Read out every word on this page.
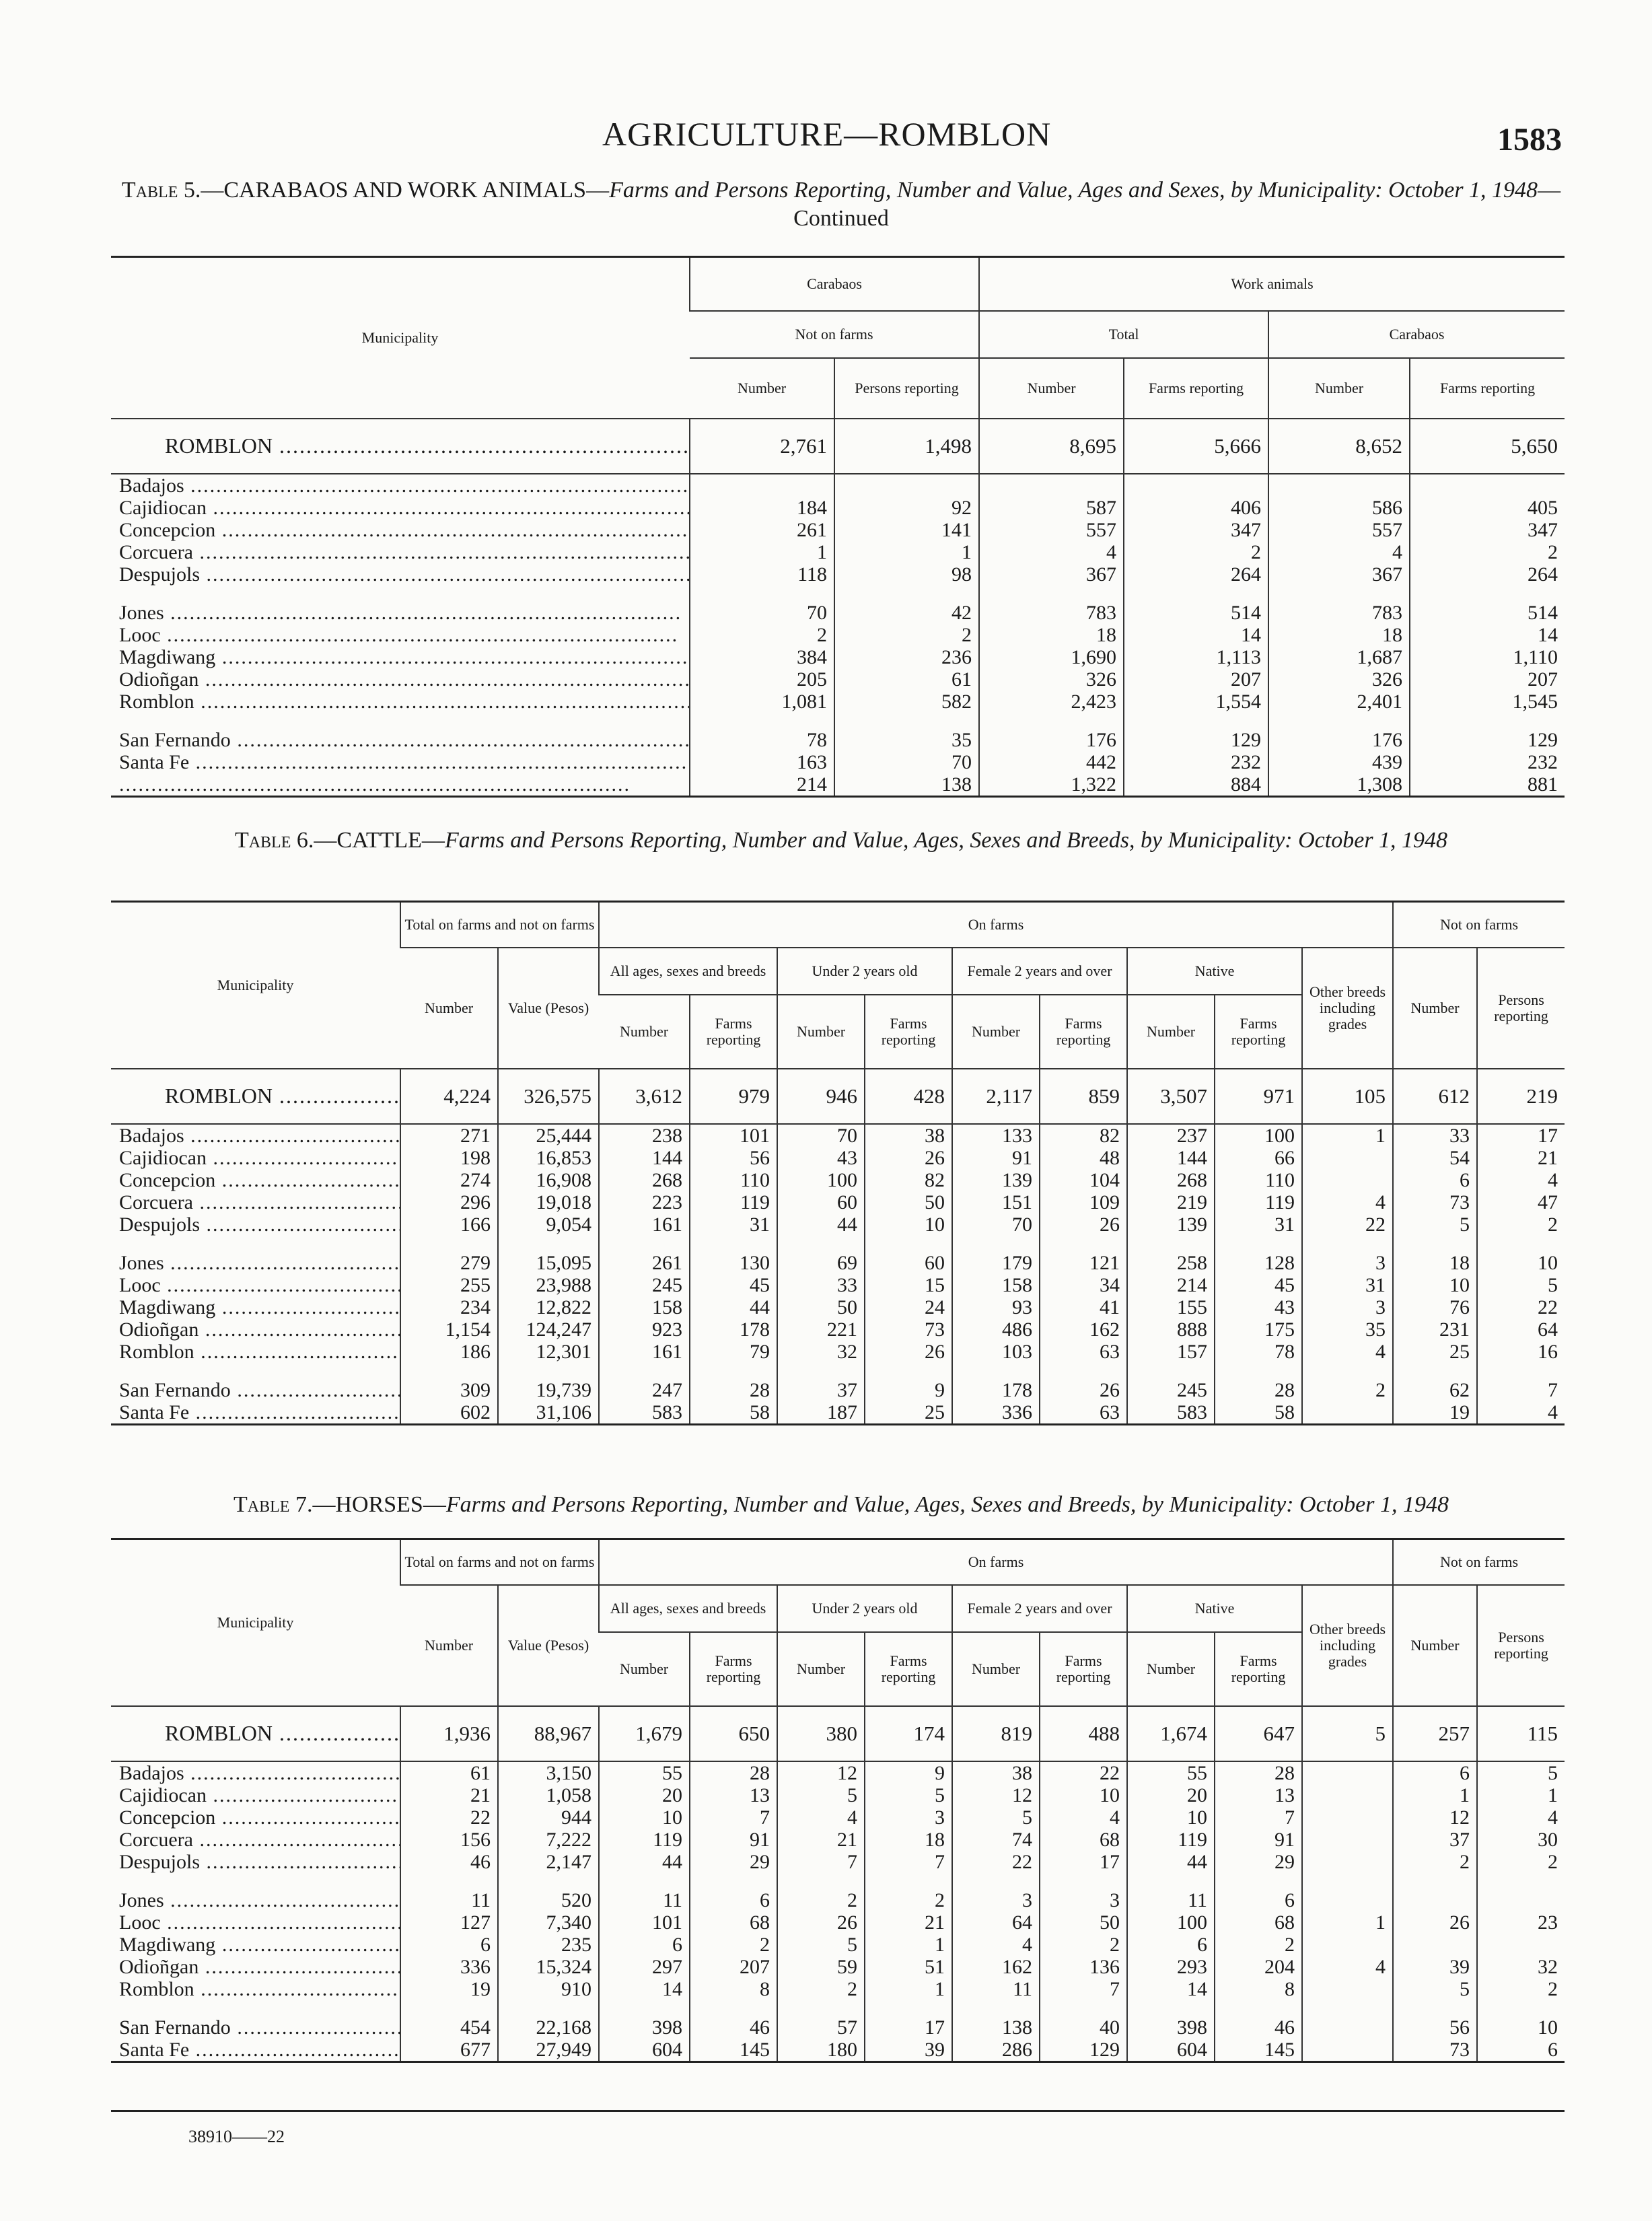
AGRICULTURE—ROMBLON	1583
Table 5.—CARABAOS AND WORK ANIMALS—Farms and Persons Reporting, Number and Value, Ages and Sexes, by Municipality: October 1, 1948—Continued
Municipality	Carabaos		Work animals			
	Not on farms		Total		Carabaos	
	Number	Persons reporting	Number	Farms reporting	Number	Farms reporting
ROMBLON .....	2,761	1,498	8,695	5,666	8,652	5,650
Badajos .....						
Cajidiocan .....	184	92	587	406	586	405
Concepcion .....	261	141	557	347	557	347
Corcuera .....	1	1	4	2	4	2
Despujols .....	118	98	367	264	367	264

Jones .....	70	42	783	514	783	514
Looc .....	2	2	18	14	18	14
Magdiwang .....	384	236	1,690	1,113	1,687	1,110
Odioñgan .....	205	61	326	207	326	207
Romblon .....	1,081	582	2,423	1,554	2,401	1,545

San Fernando .....	78	35	176	129	176	129
Santa Fe .....	163	70	442	232	439	232
.....	214	138	1,322	884	1,308	881
Table 6.—CATTLE—Farms and Persons Reporting, Number and Value, Ages, Sexes and Breeds, by Municipality: October 1, 1948
Municipality	Total on farms and not on farms		On farms									Not on farms	
	Number	Value (Pesos)	All ages, sexes and breeds		Under 2 years old		Female 2 years and over		Native		Other breeds including grades	Number	Persons reporting
			Number	Farms reporting	Number	Farms reporting	Number	Farms reporting	Number	Farms reporting			
ROMBLON .....	4,224	326,575	3,612	979	946	428	2,117	859	3,507	971	105	612	219
Badajos .....	271	25,444	238	101	70	38	133	82	237	100	1	33	17
Cajidiocan .....	198	16,853	144	56	43	26	91	48	144	66		54	21
Concepcion .....	274	16,908	268	110	100	82	139	104	268	110		6	4
Corcuera .....	296	19,018	223	119	60	50	151	109	219	119	4	73	47
Despujols .....	166	9,054	161	31	44	10	70	26	139	31	22	5	2

Jones .....	279	15,095	261	130	69	60	179	121	258	128	3	18	10
Looc .....	255	23,988	245	45	33	15	158	34	214	45	31	10	5
Magdiwang .....	234	12,822	158	44	50	24	93	41	155	43	3	76	22
Odioñgan .....	1,154	124,247	923	178	221	73	486	162	888	175	35	231	64
Romblon .....	186	12,301	161	79	32	26	103	63	157	78	4	25	16

San Fernando .....	309	19,739	247	28	37	9	178	26	245	28	2	62	7
Santa Fe .....	602	31,106	583	58	187	25	336	63	583	58		19	4
Table 7.—HORSES—Farms and Persons Reporting, Number and Value, Ages, Sexes and Breeds, by Municipality: October 1, 1948
Municipality	Total on farms and not on farms		On farms									Not on farms	
	Number	Value (Pesos)	All ages, sexes and breeds		Under 2 years old		Female 2 years and over		Native		Other breeds including grades	Number	Persons reporting
			Number	Farms reporting	Number	Farms reporting	Number	Farms reporting	Number	Farms reporting			
ROMBLON .....	1,936	88,967	1,679	650	380	174	819	488	1,674	647	5	257	115
Badajos .....	61	3,150	55	28	12	9	38	22	55	28		6	5
Cajidiocan .....	21	1,058	20	13	5	5	12	10	20	13		1	1
Concepcion .....	22	944	10	7	4	3	5	4	10	7		12	4
Corcuera .....	156	7,222	119	91	21	18	74	68	119	91		37	30
Despujols .....	46	2,147	44	29	7	7	22	17	44	29		2	2

Jones .....	11	520	11	6	2	2	3	3	11	6			
Looc .....	127	7,340	101	68	26	21	64	50	100	68	1	26	23
Magdiwang .....	6	235	6	2	5	1	4	2	6	2			
Odioñgan .....	336	15,324	297	207	59	51	162	136	293	204	4	39	32
Romblon .....	19	910	14	8	2	1	11	7	14	8		5	2

San Fernando .....	454	22,168	398	46	57	17	138	40	398	46		56	10
Santa Fe .....	677	27,949	604	145	180	39	286	129	604	145		73	6
38910——22
